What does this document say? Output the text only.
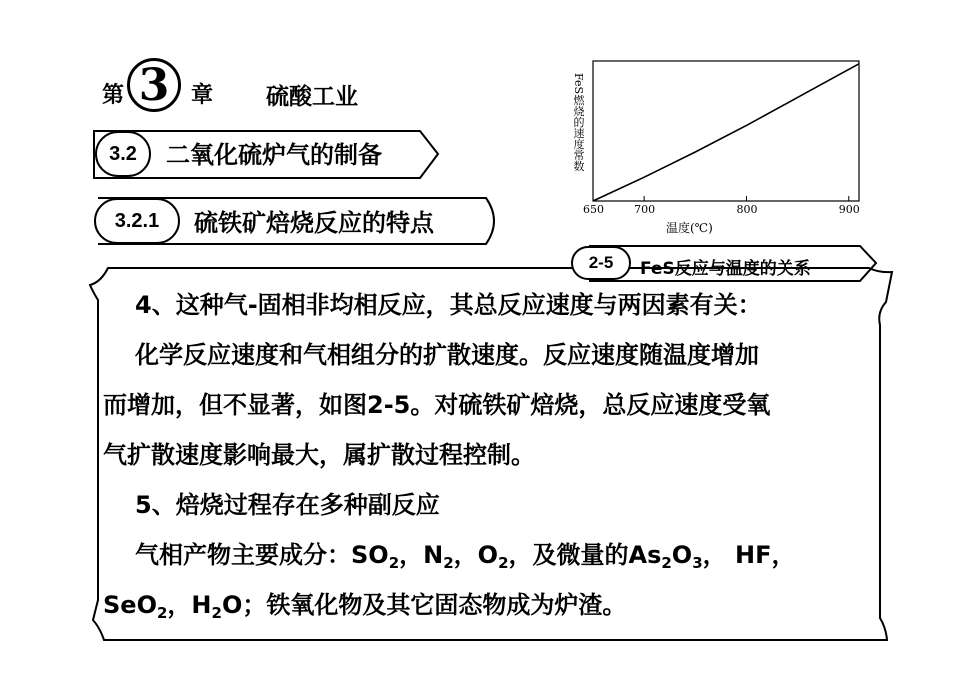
第 3 章 硫酸工业
3.2 二氧化硫炉气的制备
3.2.1 硫铁矿焙烧反应的特点
FeS燃烧的速度常数
650	700	800	900
温度(℃)
2-5 FeS反应与温度的关系
4、这种气-固相非均相反应，其总反应速度与两因素有关：
化学反应速度和气相组分的扩散速度。反应速度随温度增加
而增加，但不显著，如图2-5。对硫铁矿焙烧，总反应速度受氧
气扩散速度影响最大，属扩散过程控制。
5、焙烧过程存在多种副反应
气相产物主要成分：$SO_2$，$N_2$，$O_2$，及微量的$As_2O_3$， HF，
SeO$_2$，$H_2O$；铁氧化物及其它固态物成为炉渣。
